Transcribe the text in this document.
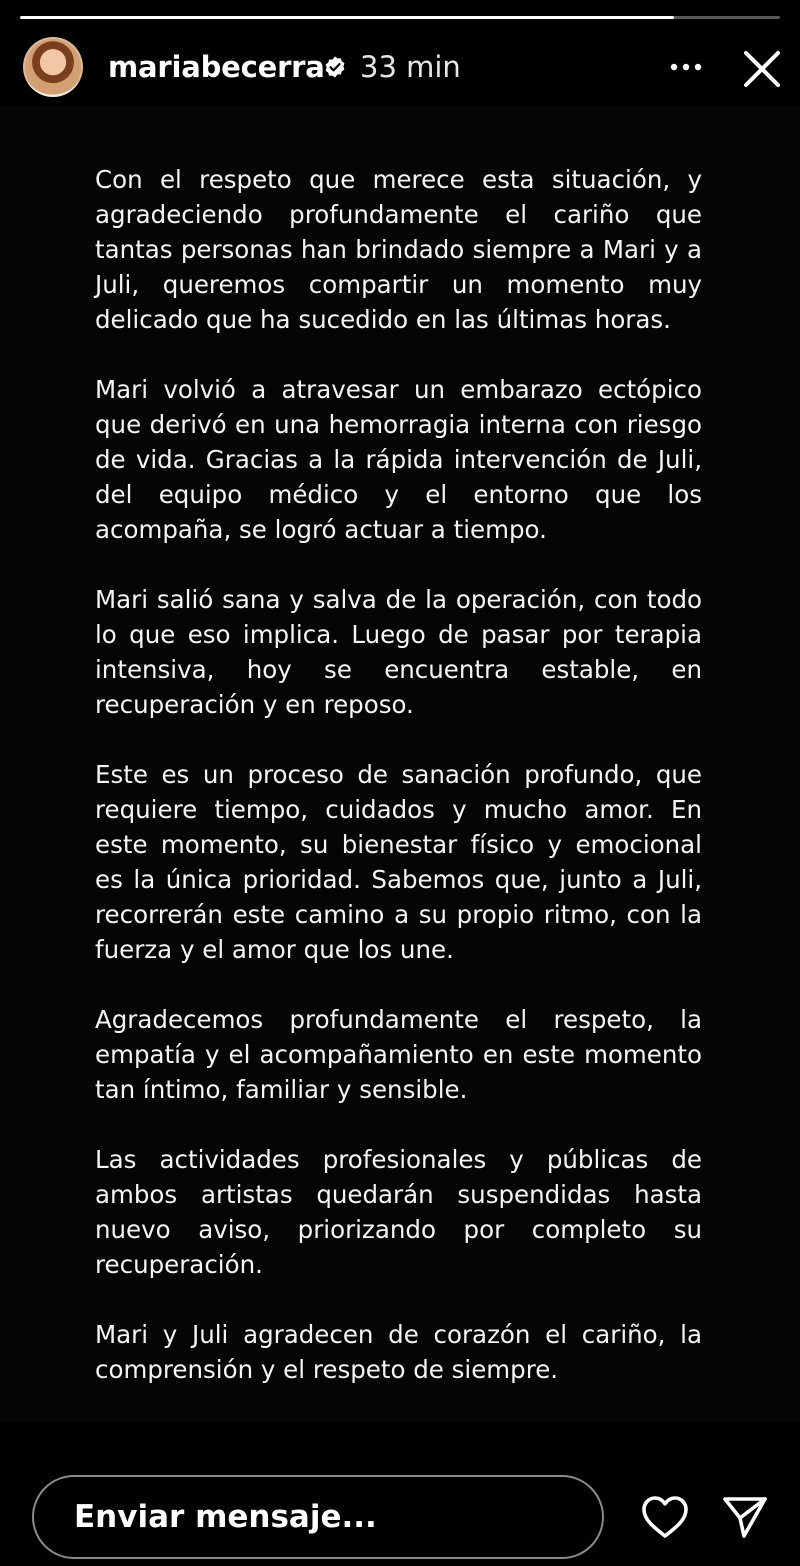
mariabecerra 33 min

Con el respeto que merece esta situación, y agradeciendo profundamente el cariño que tantas personas han brindado siempre a Mari y a Juli, queremos compartir un momento muy delicado que ha sucedido en las últimas horas.

Mari volvió a atravesar un embarazo ectópico que derivó en una hemorragia interna con riesgo de vida. Gracias a la rápida intervención de Juli, del equipo médico y el entorno que los acompaña, se logró actuar a tiempo.

Mari salió sana y salva de la operación, con todo lo que eso implica. Luego de pasar por terapia intensiva, hoy se encuentra estable, en recuperación y en reposo.

Este es un proceso de sanación profundo, que requiere tiempo, cuidados y mucho amor. En este momento, su bienestar físico y emocional es la única prioridad. Sabemos que, junto a Juli, recorrerán este camino a su propio ritmo, con la fuerza y el amor que los une.

Agradecemos profundamente el respeto, la empatía y el acompañamiento en este momento tan íntimo, familiar y sensible.

Las actividades profesionales y públicas de ambos artistas quedarán suspendidas hasta nuevo aviso, priorizando por completo su recuperación.

Mari y Juli agradecen de corazón el cariño, la comprensión y el respeto de siempre.

Enviar mensaje...
